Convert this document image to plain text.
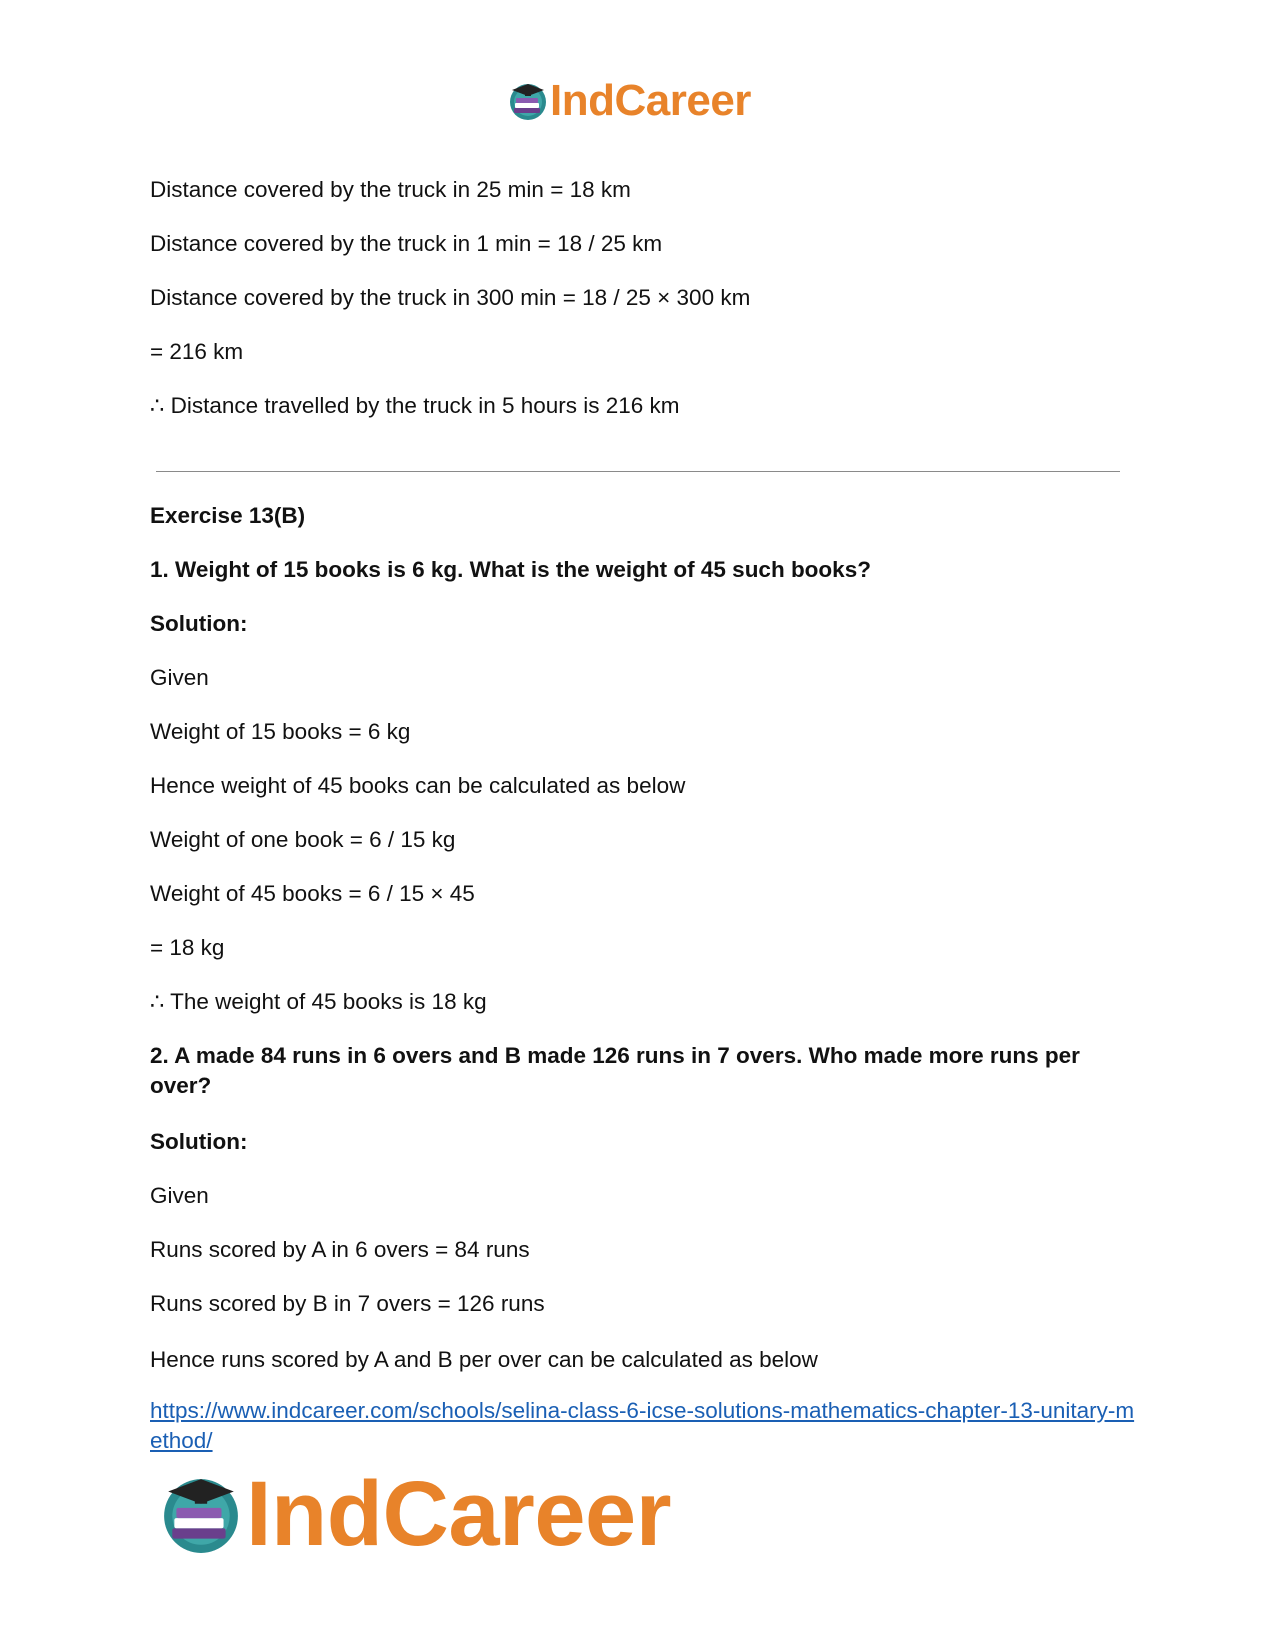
IndCareer
Distance covered by the truck in 25 min = 18 km
Distance covered by the truck in 1 min = 18 / 25 km
Distance covered by the truck in 300 min = 18 / 25 × 300 km
= 216 km
∴ Distance travelled by the truck in 5 hours is 216 km
Exercise 13(B)
1. Weight of 15 books is 6 kg. What is the weight of 45 such books?
Solution:
Given
Weight of 15 books = 6 kg
Hence weight of 45 books can be calculated as below
Weight of one book = 6 / 15 kg
Weight of 45 books = 6 / 15 × 45
= 18 kg
∴ The weight of 45 books is 18 kg
2. A made 84 runs in 6 overs and B made 126 runs in 7 overs. Who made more runs per over?
Solution:
Given
Runs scored by A in 6 overs = 84 runs
Runs scored by B in 7 overs = 126 runs
Hence runs scored by A and B per over can be calculated as below
https://www.indcareer.com/schools/selina-class-6-icse-solutions-mathematics-chapter-13-unitary-method/
IndCareer
